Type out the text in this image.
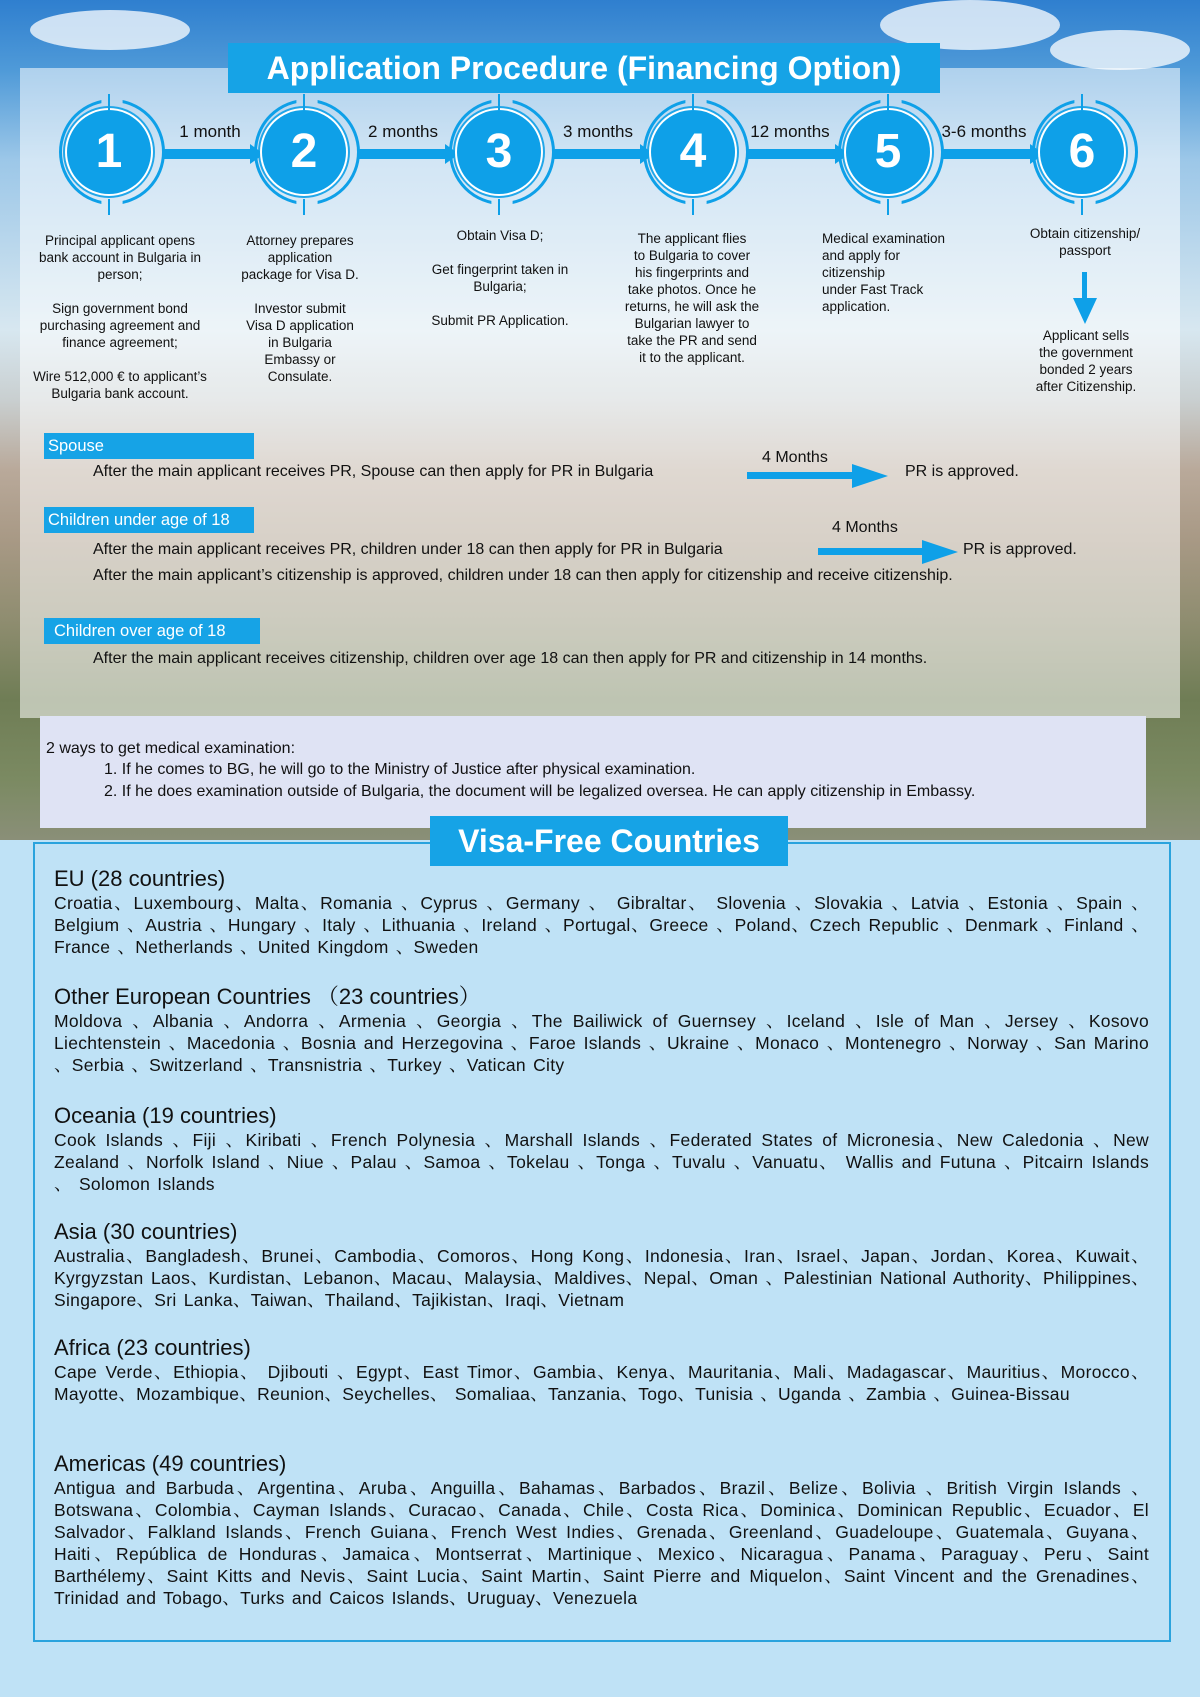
Application Procedure (Financing Option)
1 month	2 months	3 months	12 months	3-6 months
1	2	3	4	5	6
Principal applicant opens
bank account in Bulgaria in
person;

Sign government bond
purchasing agreement and
finance agreement;

Wire 512,000 € to applicant’s
Bulgaria bank account.
Attorney prepares
application
package for Visa D.

Investor submit
Visa D application
in Bulgaria
Embassy or
Consulate.
Obtain Visa D;

Get fingerprint taken in
Bulgaria;

Submit PR Application.
The applicant flies
to Bulgaria to cover
his fingerprints and
take photos. Once he
returns, he will ask the
Bulgarian lawyer to
take the PR and send
it to the applicant.
Medical examination
and apply for
citizenship
under Fast Track
application.
Obtain citizenship/
passport
Applicant sells
the government
bonded 2 years
after Citizenship.
Spouse
After the main applicant receives PR, Spouse can then apply for PR in Bulgaria
4 Months
PR is approved.
Children under age of 18
After the main applicant receives PR, children under 18 can then apply for PR in Bulgaria
4 Months
PR is approved.
After the main applicant’s citizenship is approved, children under 18 can then apply for citizenship and receive citizenship.
Children over age of 18
After the main applicant receives citizenship, children over age 18 can then apply for PR and citizenship in 14 months.
2 ways to get medical examination:
1. If he comes to BG, he will go to the Ministry of Justice after physical examination.
2. If he does examination outside of Bulgaria, the document will be legalized oversea. He can apply citizenship in Embassy.
Visa-Free Countries
EU (28 countries)

Croatia、Luxembourg、Malta、Romania 、Cyprus 、Germany 、 Gibraltar、 Slovenia 、Slovakia 、Latvia 、Estonia 、Spain 、Belgium 、Austria 、Hungary 、Italy 、Lithuania 、Ireland 、Portugal、Greece 、Poland、Czech Republic 、Denmark 、Finland 、France 、Netherlands 、United Kingdom 、Sweden

Other European Countries （23 countries）

Moldova 、Albania 、Andorra 、Armenia 、Georgia 、The Bailiwick of Guernsey 、Iceland 、Isle of Man 、Jersey 、Kosovo Liechtenstein 、Macedonia 、Bosnia and Herzegovina 、Faroe Islands 、Ukraine 、Monaco 、Montenegro 、Norway 、San Marino 、Serbia 、Switzerland 、Transnistria 、Turkey 、Vatican City

Oceania (19 countries)

Cook Islands 、Fiji 、Kiribati 、French Polynesia 、Marshall Islands 、Federated States of Micronesia、New Caledonia 、New Zealand 、Norfolk Island 、Niue 、Palau 、Samoa 、Tokelau 、Tonga 、Tuvalu 、Vanuatu、 Wallis and Futuna 、Pitcairn Islands 、 Solomon Islands

Asia (30 countries)

Australia、Bangladesh、Brunei、Cambodia、Comoros、Hong Kong、Indonesia、Iran、Israel、Japan、Jordan、Korea、Kuwait、Kyrgyzstan Laos、Kurdistan、Lebanon、Macau、Malaysia、Maldives、Nepal、Oman 、Palestinian National Authority、Philippines、Singapore、Sri Lanka、Taiwan、Thailand、Tajikistan、Iraqi、Vietnam

Africa (23 countries)

Cape Verde、Ethiopia、 Djibouti 、Egypt、East Timor、Gambia、Kenya、Mauritania、Mali、Madagascar、Mauritius、Morocco、Mayotte、Mozambique、Reunion、Seychelles、 Somaliaa、Tanzania、Togo、Tunisia 、Uganda 、Zambia 、Guinea-Bissau

Americas (49 countries)

Antigua and Barbuda、Argentina、Aruba、Anguilla、Bahamas、Barbados、Brazil、Belize、Bolivia 、British Virgin Islands 、Botswana、Colombia、Cayman Islands、Curacao、Canada、Chile、Costa Rica、Dominica、Dominican Republic、Ecuador、El Salvador、Falkland Islands、French Guiana、French West Indies、Grenada、Greenland、Guadeloupe、Guatemala、Guyana、Haiti、República de Honduras、Jamaica、Montserrat、Martinique、Mexico、Nicaragua、Panama、Paraguay、Peru、Saint Barthélemy、Saint Kitts and Nevis、Saint Lucia、Saint Martin、Saint Pierre and Miquelon、Saint Vincent and the Grenadines、Trinidad and Tobago、Turks and Caicos Islands、Uruguay、Venezuela
